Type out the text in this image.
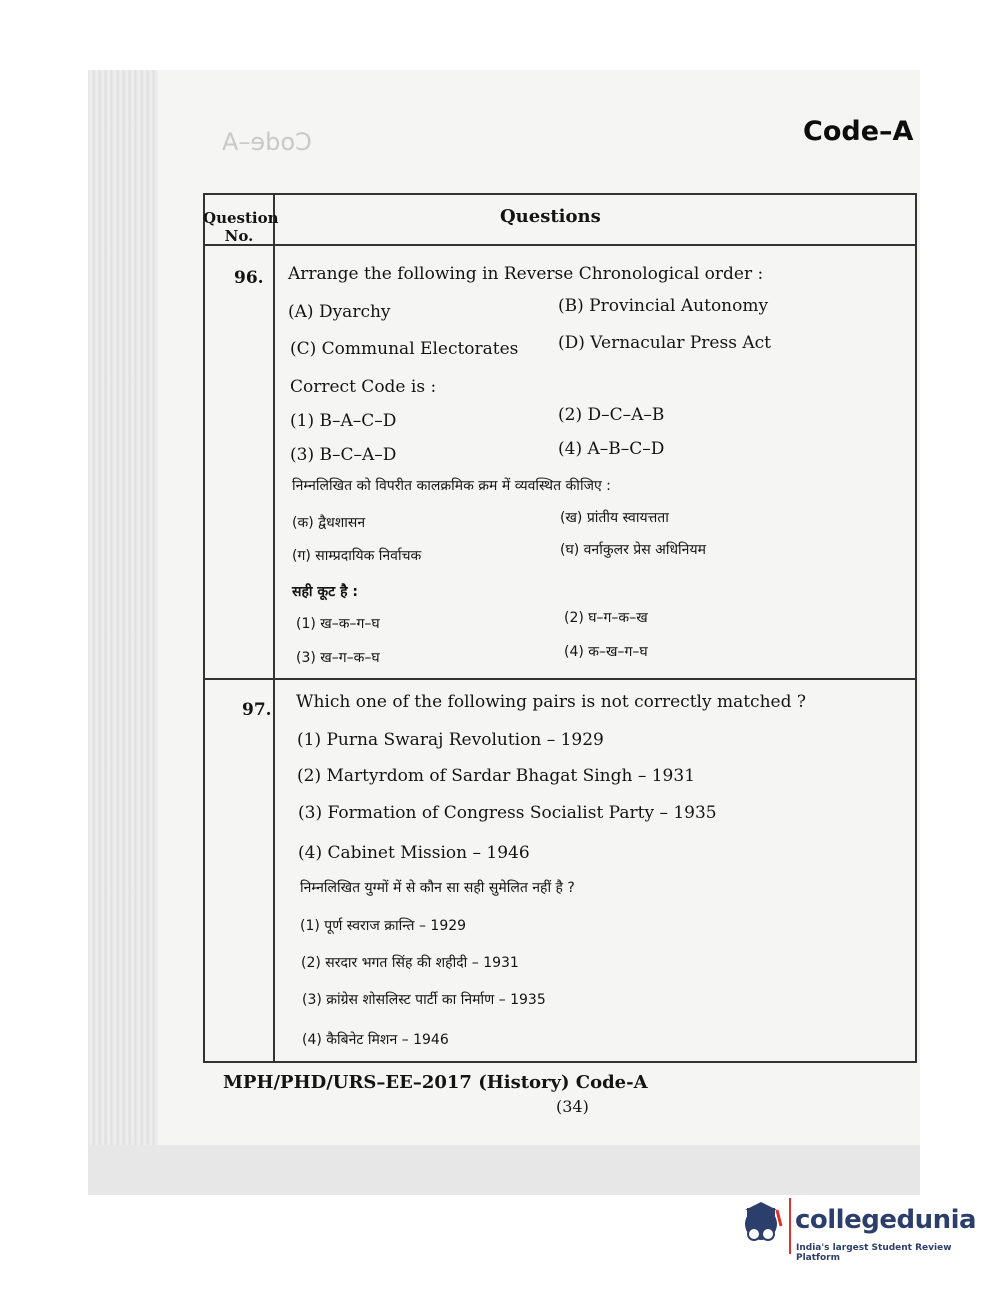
Code–A	Code–A
Question No.
Questions
96. Arrange the following in Reverse Chronological order :
(A) Dyarchy	(B) Provincial Autonomy
(C) Communal Electorates (D) Vernacular Press Act
Correct Code is :
(1) B–A–C–D	(2) D–C–A–B
(3) B–C–A–D	(4) A–B–C–D
निम्नलिखित को विपरीत कालक्रमिक क्रम में व्यवस्थित कीजिए :
(क) द्वैधशासन	(ख) प्रांतीय स्वायत्तता
(ग) साम्प्रदायिक निर्वाचक	(घ) वर्नाकुलर प्रेस अधिनियम
सही कूट है :
(1) ख–क–ग–घ	(2) घ–ग–क–ख
(3) ख–ग–क–घ	(4) क–ख–ग–घ
97. Which one of the following pairs is not correctly matched ?
(1) Purna Swaraj Revolution – 1929
(2) Martyrdom of Sardar Bhagat Singh – 1931
(3) Formation of Congress Socialist Party – 1935
(4) Cabinet Mission – 1946
निम्नलिखित युग्मों में से कौन सा सही सुमेलित नहीं है ?
(1) पूर्ण स्वराज क्रान्ति – 1929
(2) सरदार भगत सिंह की शहीदी – 1931
(3) क्रांग्रेस शोसलिस्ट पार्टी का निर्माण – 1935
(4) कैबिनेट मिशन – 1946
MPH/PHD/URS–EE–2017 (History) Code-A
(34)
collegedunia
India's largest Student Review Platform
